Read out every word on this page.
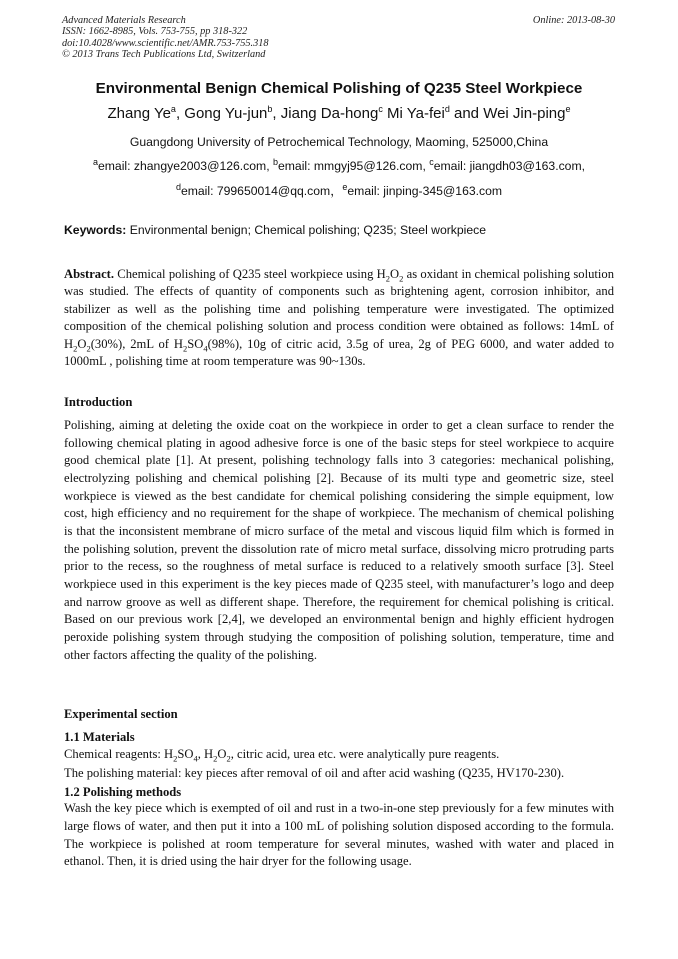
Advanced Materials Research
ISSN: 1662-8985, Vols. 753-755, pp 318-322
doi:10.4028/www.scientific.net/AMR.753-755.318
© 2013 Trans Tech Publications Ltd, Switzerland
Online: 2013-08-30
Environmental Benign Chemical Polishing of Q235 Steel Workpiece
Zhang Ye$^a$, Gong Yu-jun$^b$, Jiang Da-hong$^c$ Mi Ya-fei$^d$ and Wei Jin-ping$^e$
Guangdong University of Petrochemical Technology, Maoming, 525000,China
$^a$email: zhangye2003@126.com, $^b$email: mmgyj95@126.com, $^c$email: jiangdh03@163.com,
$^d$email: 799650014@qq.com，$^e$email: jinping-345@163.com
Keywords: Environmental benign; Chemical polishing; Q235; Steel workpiece

Abstract. Chemical polishing of Q235 steel workpiece using $H_2O_2$ as oxidant in chemical polishing solution was studied. The effects of quantity of components such as brightening agent, corrosion inhibitor, and stabilizer as well as the polishing time and polishing temperature were investigated. The optimized composition of the chemical polishing solution and process condition were obtained as follows: 14mL of $H_2O_2(30\%)$, 2mL of $H_2SO_4(98\%)$, 10g of citric acid, 3.5g of urea, 2g of PEG 6000, and water added to 1000mL , polishing time at room temperature was 90~130s.

Introduction

Polishing, aiming at deleting the oxide coat on the workpiece in order to get a clean surface to render the following chemical plating in agood adhesive force is one of the basic steps for steel workpiece to acquire good chemical plate [1]. At present, polishing technology falls into 3 categories: mechanical polishing, electrolyzing polishing and chemical polishing [2]. Because of its multi type and geometric size, steel workpiece is viewed as the best candidate for chemical polishing considering the simple equipment, low cost, high efficiency and no requirement for the shape of workpiece. The mechanism of chemical polishing is that the inconsistent membrane of micro surface of the metal and viscous liquid film which is formed in the polishing solution, prevent the dissolution rate of micro metal surface, dissolving micro protruding parts prior to the recess, so the roughness of metal surface is reduced to a relatively smooth surface [3]. Steel workpiece used in this experiment is the key pieces made of Q235 steel, with manufacturer’s logo and deep and narrow groove as well as different shape. Therefore, the requirement for chemical polishing is critical. Based on our previous work [2,4], we developed an environmental benign and highly efficient hydrogen peroxide polishing system through studying the composition of polishing solution, temperature, time and other factors affecting the quality of the polishing.

Experimental section
1.1 Materials
Chemical reagents: $H_2SO_4$, $H_2O_2$, citric acid, urea etc. were analytically pure reagents.
The polishing material: key pieces after removal of oil and after acid washing (Q235, HV170-230).
1.2 Polishing methods

Wash the key piece which is exempted of oil and rust in a two-in-one step previously for a few minutes with large flows of water, and then put it into a 100 mL of polishing solution disposed according to the formula. The workpiece is polished at room temperature for several minutes, washed with water and placed in ethanol. Then, it is dried using the hair dryer for the following usage.
